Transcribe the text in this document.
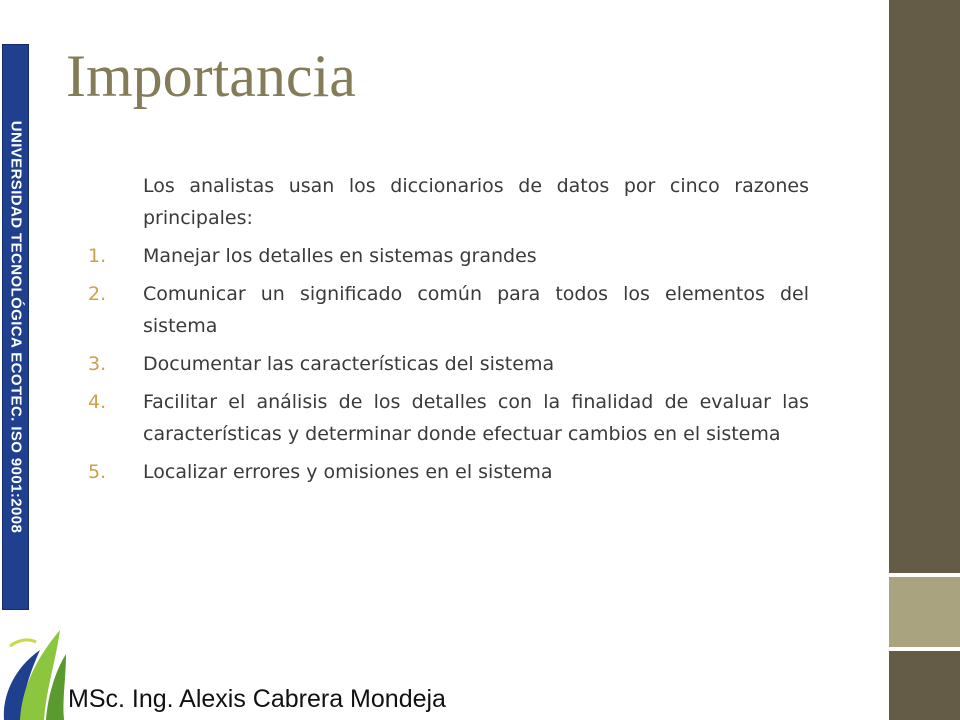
UNIVERSIDAD TECNOLÓGICA ECOTEC. ISO 9001:2008
Importancia

Los analistas usan los diccionarios de datos por cinco razones principales:

1.	Manejar los detalles en sistemas grandes
2.	Comunicar un significado común para todos los elementos del sistema
3.	Documentar las características del sistema
4.	Facilitar el análisis de los detalles con la finalidad de evaluar las características y determinar donde efectuar cambios en el sistema
5.	Localizar errores y omisiones en el sistema
MSc. Ing. Alexis Cabrera Mondeja
